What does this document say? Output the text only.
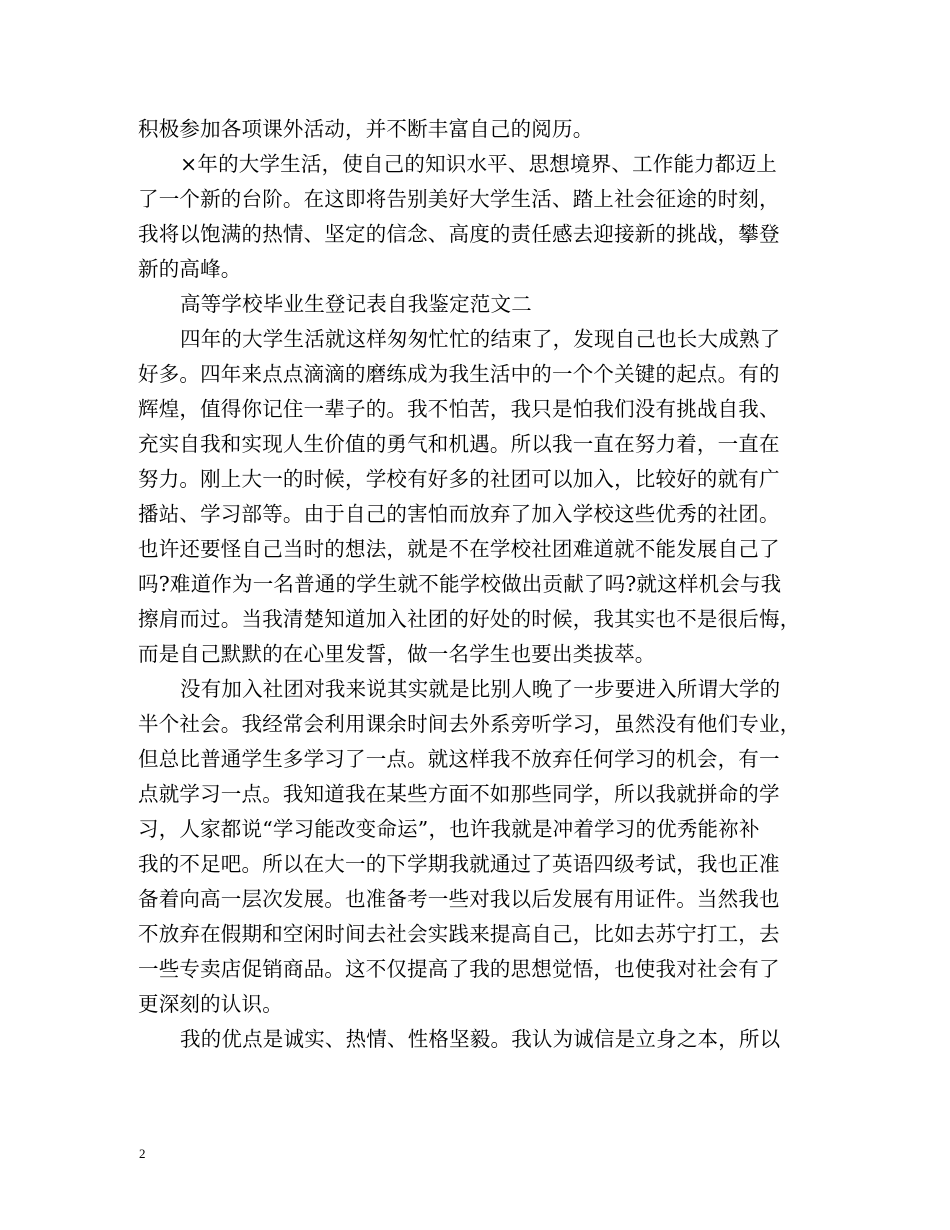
积极参加各项课外活动，并不断丰富自己的阅历。
×年的大学生活，使自己的知识水平、思想境界、工作能力都迈上
了一个新的台阶。在这即将告别美好大学生活、踏上社会征途的时刻，
我将以饱满的热情、坚定的信念、高度的责任感去迎接新的挑战，攀登
新的高峰。
高等学校毕业生登记表自我鉴定范文二
四年的大学生活就这样匆匆忙忙的结束了，发现自己也长大成熟了
好多。四年来点点滴滴的磨练成为我生活中的一个个关键的起点。有的
辉煌，值得你记住一辈子的。我不怕苦，我只是怕我们没有挑战自我、
充实自我和实现人生价值的勇气和机遇。所以我一直在努力着，一直在
努力。刚上大一的时候，学校有好多的社团可以加入，比较好的就有广
播站、学习部等。由于自己的害怕而放弃了加入学校这些优秀的社团。
也许还要怪自己当时的想法，就是不在学校社团难道就不能发展自己了
吗?难道作为一名普通的学生就不能学校做出贡献了吗?就这样机会与我
擦肩而过。当我清楚知道加入社团的好处的时候，我其实也不是很后悔，
而是自己默默的在心里发誓，做一名学生也要出类拔萃。
没有加入社团对我来说其实就是比别人晚了一步要进入所谓大学的
半个社会。我经常会利用课余时间去外系旁听学习，虽然没有他们专业，
但总比普通学生多学习了一点。就这样我不放弃任何学习的机会，有一
点就学习一点。我知道我在某些方面不如那些同学，所以我就拼命的学
习，人家都说“学习能改变命运”，也许我就是冲着学习的优秀能祢补
我的不足吧。所以在大一的下学期我就通过了英语四级考试，我也正准
备着向高一层次发展。也准备考一些对我以后发展有用证件。当然我也
不放弃在假期和空闲时间去社会实践来提高自己，比如去苏宁打工，去
一些专卖店促销商品。这不仅提高了我的思想觉悟，也使我对社会有了
更深刻的认识。
我的优点是诚实、热情、性格坚毅。我认为诚信是立身之本，所以
2
